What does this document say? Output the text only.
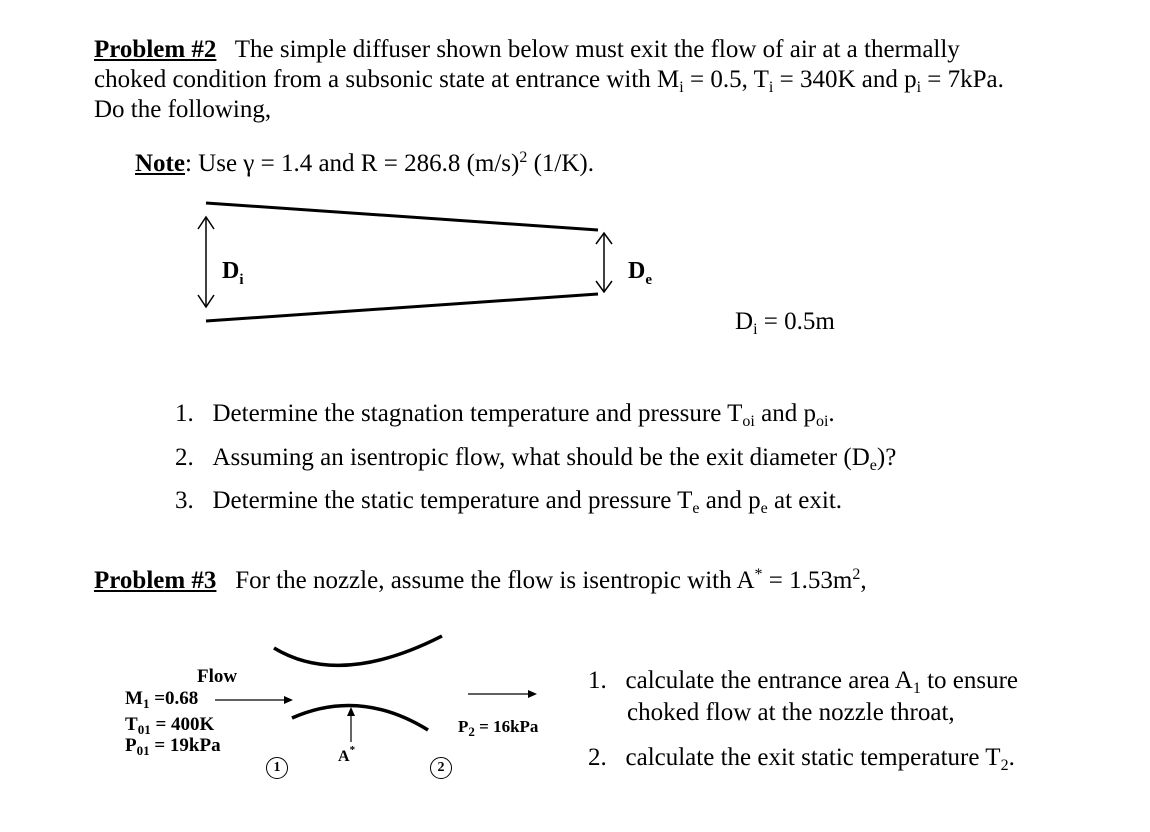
Problem #2 The simple diffuser shown below must exit the flow of air at a thermally
choked condition from a subsonic state at entrance with $M_i = 0.5$, $T_i = 340K$ and $p_i = 7kPa$.
Do the following,
Note: Use γ = 1.4 and R = 286.8 $(m/s)^2$ (1/K).
$D_i$	$D_e$
$D_i = 0.5m$
1. Determine the stagnation temperature and pressure $T_{oi}$ and $p_{oi}$.
2. Assuming an isentropic flow, what should be the exit diameter $(D_e)$?
3. Determine the static temperature and pressure $T_e$ and $p_e$ at exit.
Problem #3 For the nozzle, assume the flow is isentropic with $A^* = 1.53m^2$,
Flow
$M_1 =0.68$
$T_{01} = 400K$
$P_{01} = 19kPa$
A*
$P_2 = 16kPa$
1	2
1. calculate the entrance area $A_1$ to ensure
choked flow at the nozzle throat,
2. calculate the exit static temperature $T_2$.
